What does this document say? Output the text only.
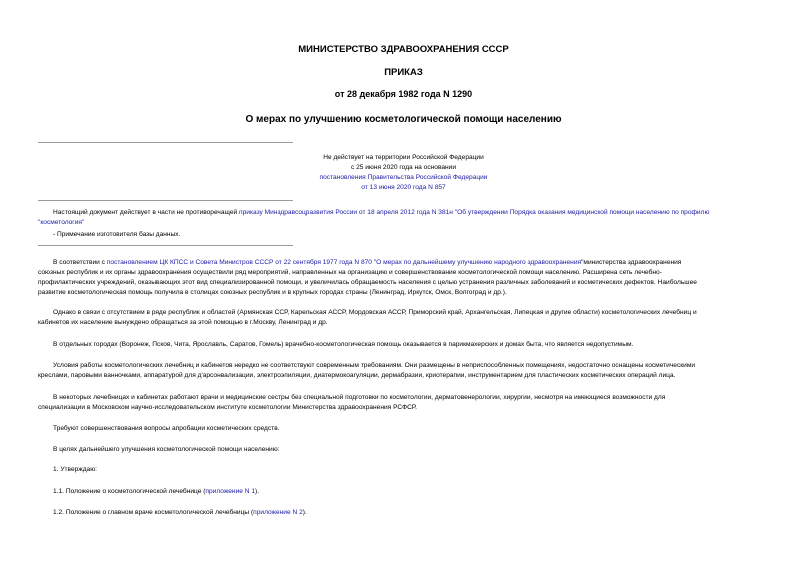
МИНИСТЕРСТВО ЗДРАВООХРАНЕНИЯ СССР
ПРИКАЗ
от 28 декабря 1982 года N 1290
О мерах по улучшению косметологической помощи населению
Не действует на территории Российской Федерации
с 25 июня 2020 года на основании
постановления Правительства Российской Федерации
от 13 июня 2020 года N 857
Настоящий документ действует в части не противоречащей приказу Минздравсоцразвития России от 18 апреля 2012 года N 381н "Об утверждении Порядка оказания медицинской помощи населению по профилю
"косметология"
- Примечание изготовителя базы данных.
В соответствии с постановлением ЦК КПСС и Совета Министров СССР от 22 сентября 1977 года N 870 "О мерах по дальнейшему улучшению народного здравоохранения"министерства здравоохранения
союзных республик и их органы здравоохранения осуществили ряд мероприятий, направленных на организацию и совершенствование косметологической помощи населению. Расширена сеть лечебно-
профилактических учреждений, оказывающих этот вид специализированной помощи, и увеличилась обращаемость населения с целью устранения различных заболеваний и косметических дефектов. Наибольшее
развитие косметологическая помощь получила в столицах союзных республик и в крупных городах страны (Ленинград, Иркутск, Омск, Волгоград и др.).
Однако в связи с отсутствием в ряде республик и областей (Армянская ССР, Карельская АССР, Мордовская АССР, Приморский край, Архангельская, Липецкая и другие области) косметологических лечебниц и
кабинетов их население вынуждено обращаться за этой помощью в г.Москву, Ленинград и др.
В отдельных городах (Воронеж, Псков, Чита, Ярославль, Саратов, Гомель) врачебно-косметологическая помощь оказывается в парикмахерских и домах быта, что является недопустимым.
Условия работы косметологических лечебниц и кабинетов нередко не соответствуют современным требованиям. Они размещены в неприспособленных помещениях, недостаточно оснащены косметическими
креслами, паровыми ванночками, аппаратурой для д'арсонвализации, электроэпиляции, диатермокоагуляции, дермабразии, криотерапии, инструментарием для пластических косметических операций лица.
В некоторых лечебницах и кабинетах работают врачи и медицинские сестры без специальной подготовки по косметологии, дерматовенерологии, хирургии, несмотря на имеющиеся возможности для
специализации в Московском научно-исследовательском институте косметологии Министерства здравоохранения РСФСР.
Требуют совершенствования вопросы апробации косметических средств.
В целях дальнейшего улучшения косметологической помощи населению:
1. Утверждаю:
1.1. Положение о косметологической лечебнице (приложение N 1).
1.2. Положение о главном враче косметологической лечебницы (приложение N 2).
